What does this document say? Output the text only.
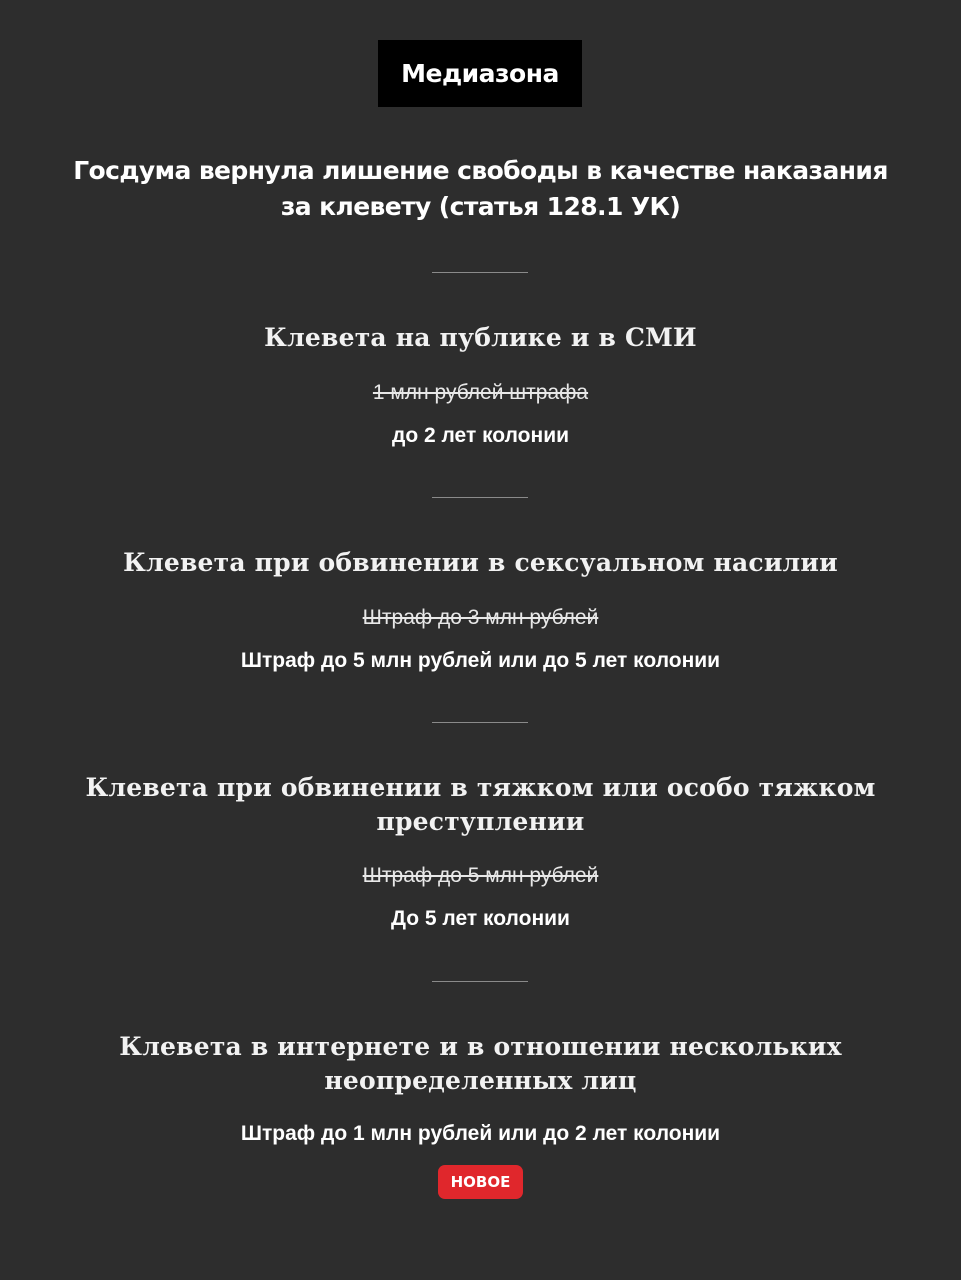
Медиазона
Госдума вернула лишение свободы в качестве наказания за клевету (статья 128.1 УК)
Клевета на публике и в СМИ
1 млн рублей штрафа
до 2 лет колонии
Клевета при обвинении в сексуальном насилии
Штраф до 3 млн рублей
Штраф до 5 млн рублей или до 5 лет колонии
Клевета при обвинении в тяжком или особо тяжком преступлении
Штраф до 5 млн рублей
До 5 лет колонии
Клевета в интернете и в отношении нескольких неопределенных лиц
Штраф до 1 млн рублей или до 2 лет колонии
НОВОЕ
